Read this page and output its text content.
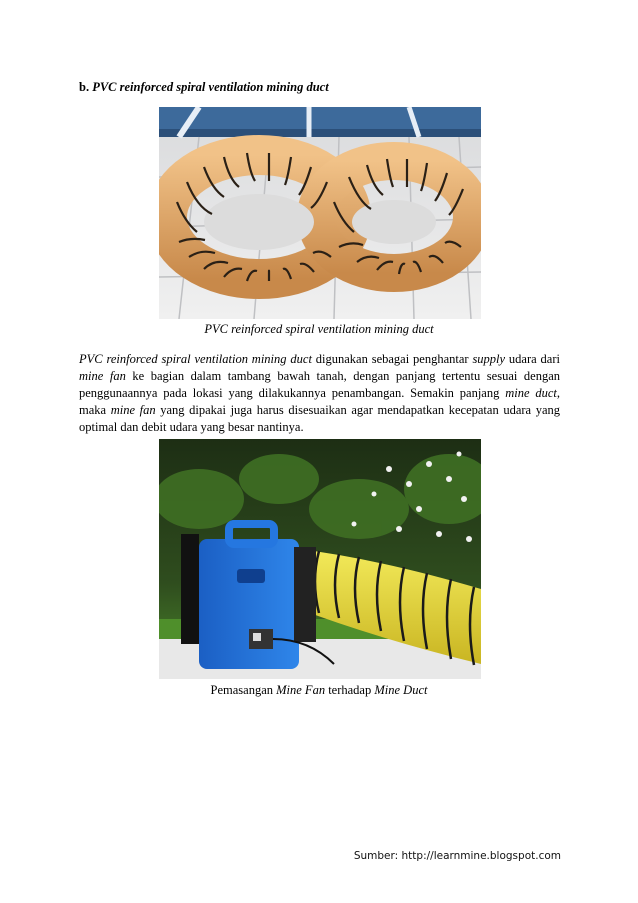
b. PVC reinforced spiral ventilation mining duct
PVC reinforced spiral ventilation mining duct
PVC reinforced spiral ventilation mining duct digunakan sebagai penghantar supply udara dari mine fan ke bagian dalam tambang bawah tanah, dengan panjang tertentu sesuai dengan penggunaannya pada lokasi yang dilakukannya penambangan. Semakin panjang mine duct, maka mine fan yang dipakai juga harus disesuaikan agar mendapatkan kecepatan udara yang optimal dan debit udara yang besar nantinya.
Pemasangan Mine Fan terhadap Mine Duct
Sumber: http://learnmine.blogspot.com
